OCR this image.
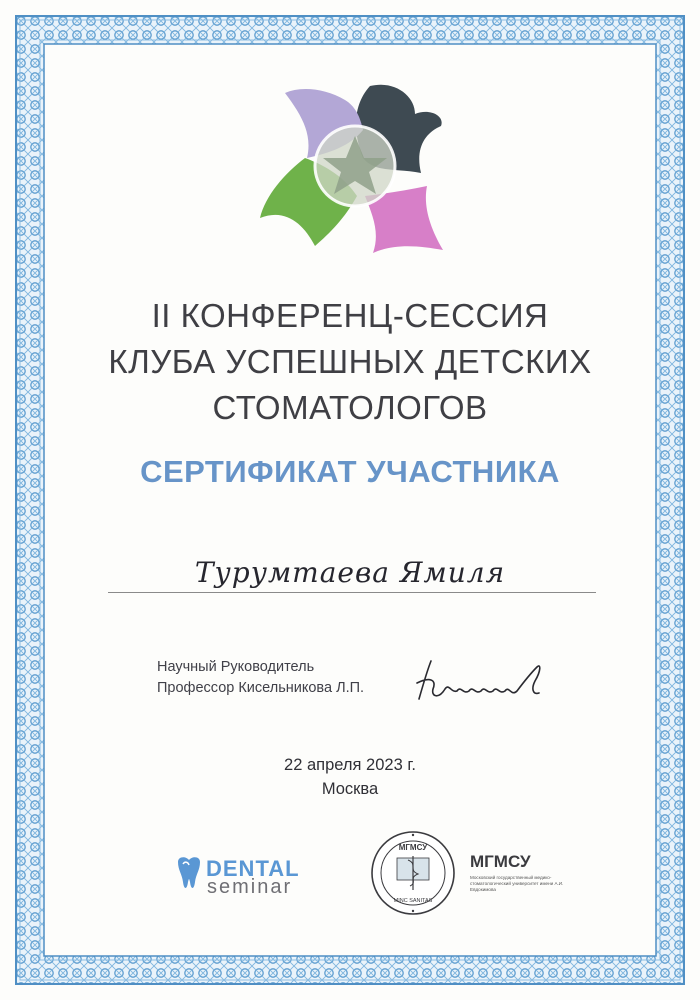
II КОНФЕРЕНЦ-СЕССИЯ
КЛУБА УСПЕШНЫХ ДЕТСКИХ
СТОМАТОЛОГОВ
СЕРТИФИКАТ УЧАСТНИКА
Турумтаева Ямиля
Научный Руководитель
Профессор Кисельникова Л.П.
22 апреля 2023 г.
Москва
DENTAL
seminar
МГМСУ
MINC SANITAS
МГМСУ
Московский государственный медико-стоматологический университет имени А.И. Евдокимова
